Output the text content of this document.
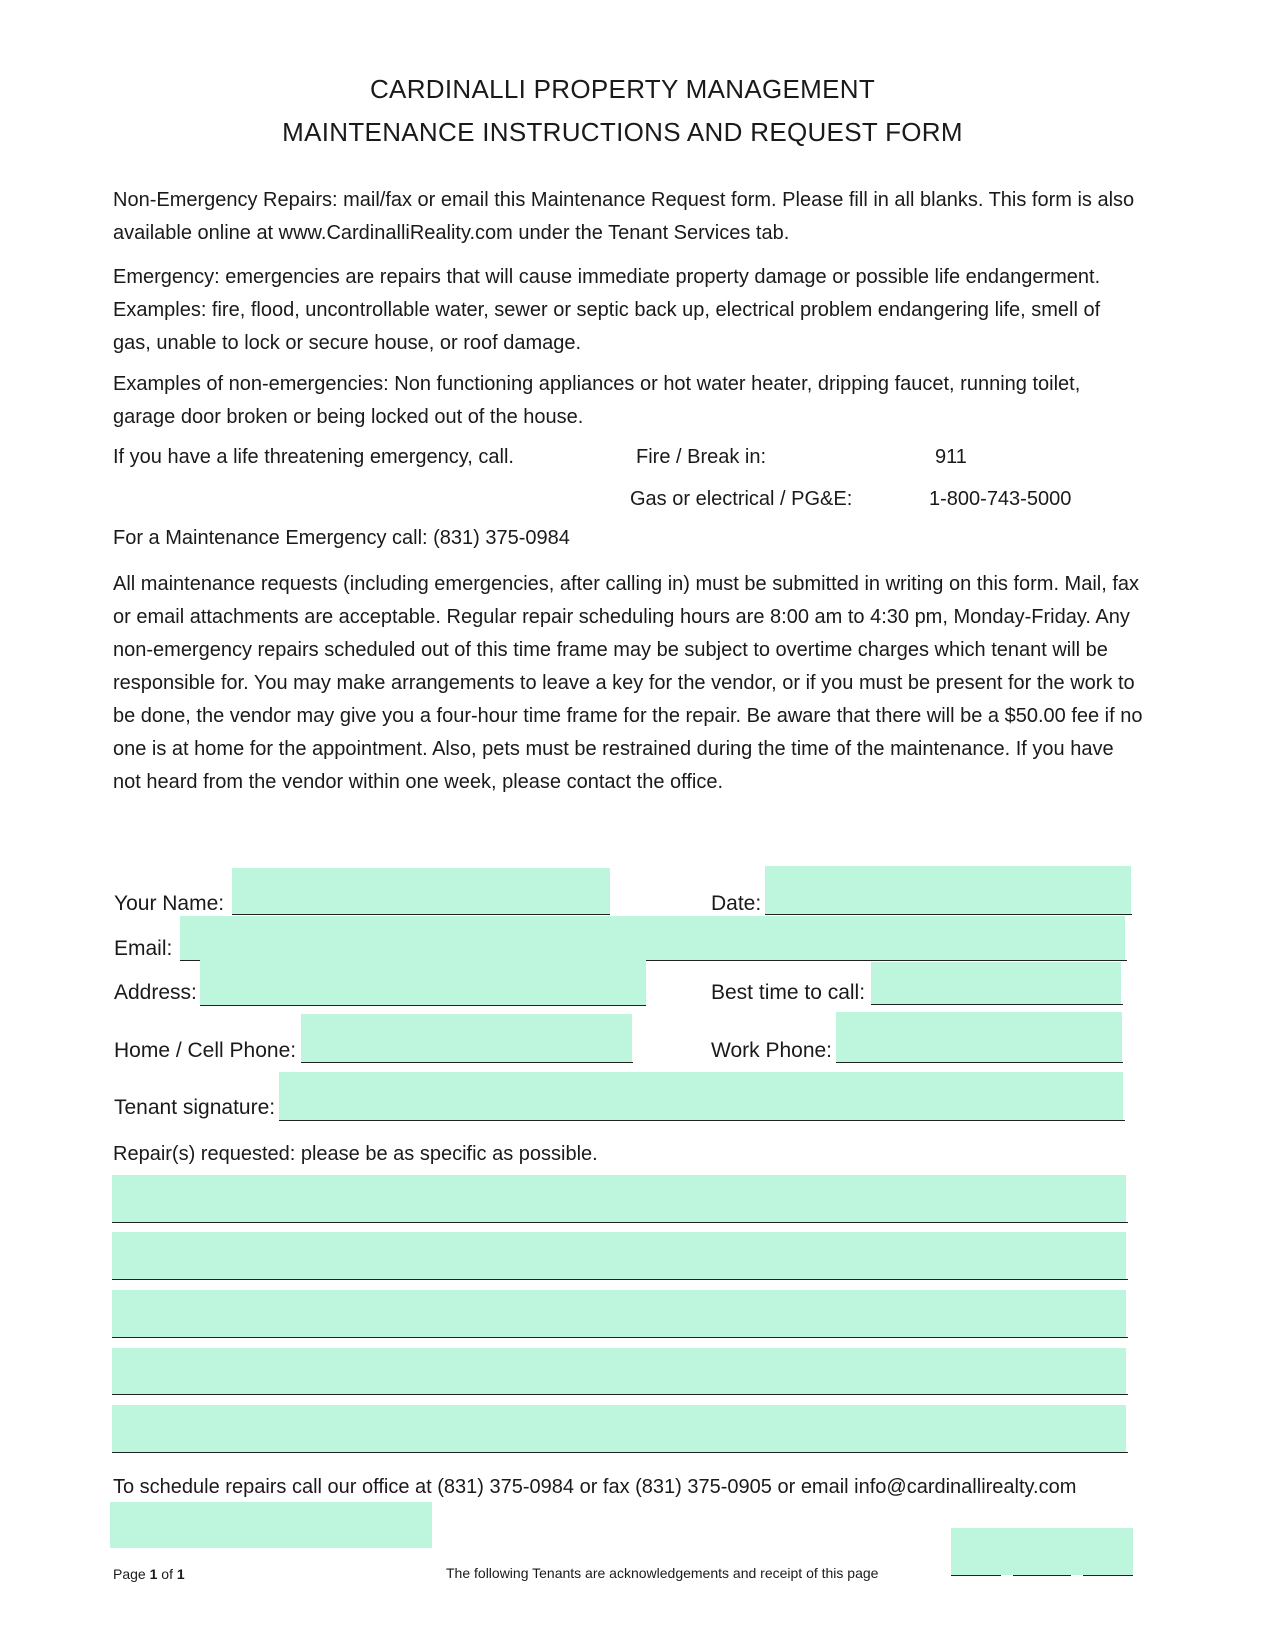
CARDINALLI PROPERTY MANAGEMENT
MAINTENANCE INSTRUCTIONS AND REQUEST FORM

Non-Emergency Repairs: mail/fax or email this Maintenance Request form. Please fill in all blanks. This form is also available online at www.CardinalliReality.com under the Tenant Services tab.

Emergency: emergencies are repairs that will cause immediate property damage or possible life endangerment. Examples: fire, flood, uncontrollable water, sewer or septic back up, electrical problem endangering life, smell of gas, unable to lock or secure house, or roof damage.

Examples of non-emergencies: Non functioning appliances or hot water heater, dripping faucet, running toilet, garage door broken or being locked out of the house.

If you have a life threatening emergency, call.	Fire / Break in:	911
Gas or electrical / PG&E:	1-800-743-5000
For a Maintenance Emergency call: (831) 375-0984

All maintenance requests (including emergencies, after calling in) must be submitted in writing on this form. Mail, fax or email attachments are acceptable. Regular repair scheduling hours are 8:00 am to 4:30 pm, Monday-Friday. Any non-emergency repairs scheduled out of this time frame may be subject to overtime charges which tenant will be responsible for. You may make arrangements to leave a key for the vendor, or if you must be present for the work to be done, the vendor may give you a four-hour time frame for the repair. Be aware that there will be a $50.00 fee if no one is at home for the appointment. Also, pets must be restrained during the time of the maintenance. If you have not heard from the vendor within one week, please contact the office.

Your Name:	Date:
Email:
Address:	Best time to call:
Home / Cell Phone:	Work Phone:
Tenant signature:
Repair(s) requested: please be as specific as possible.
To schedule repairs call our office at (831) 375-0984 or fax (831) 375-0905 or email info@cardinallirealty.com
Page 1 of 1	The following Tenants are acknowledgements and receipt of this page
